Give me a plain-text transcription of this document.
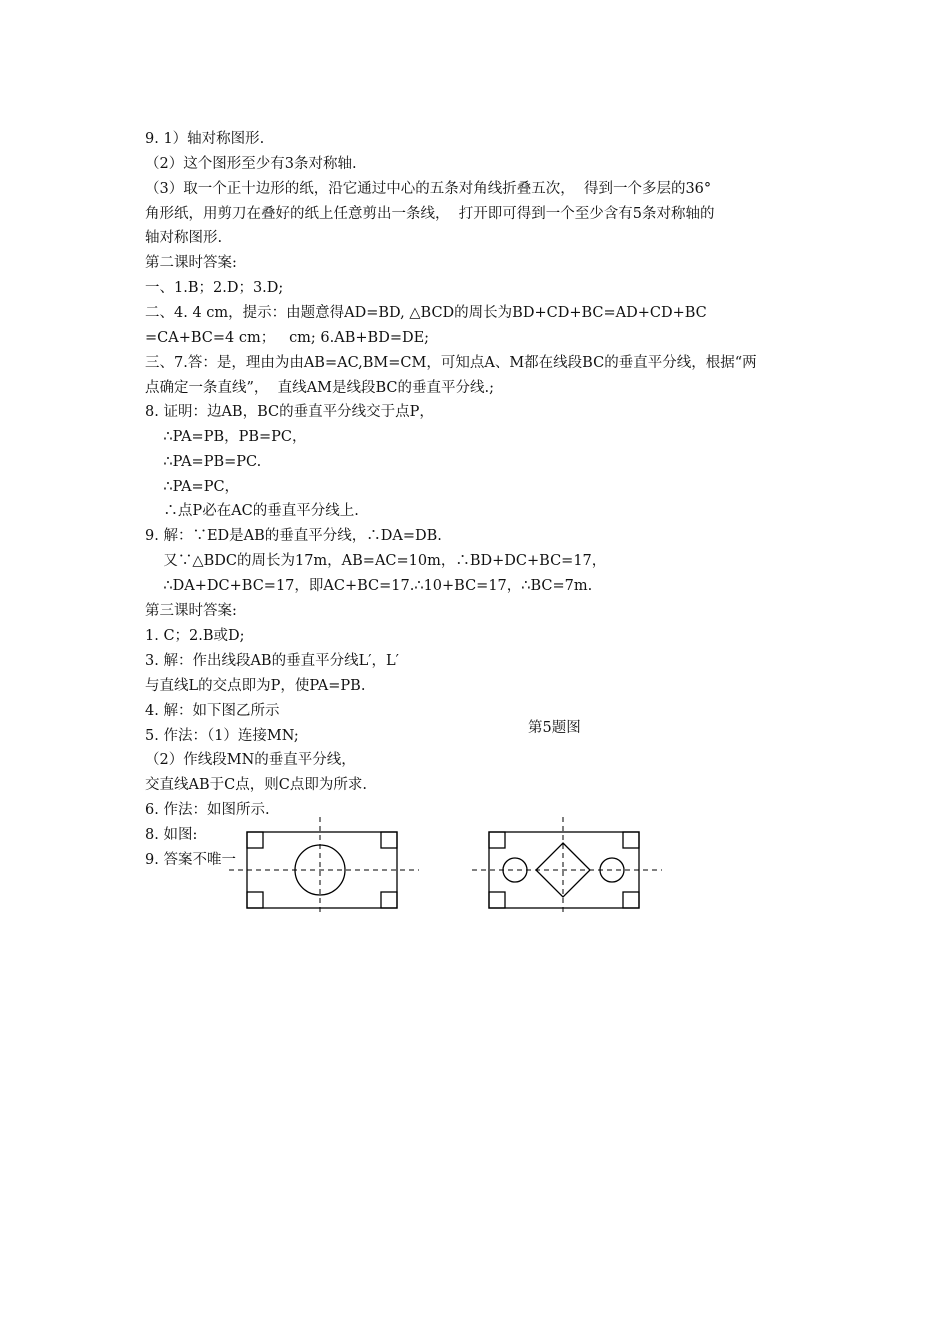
9. 1）轴对称图形.
（2）这个图形至少有3条对称轴.
（3）取一个正十边形的纸，沿它通过中心的五条对角线折叠五次，  得到一个多层的36°
角形纸，用剪刀在叠好的纸上任意剪出一条线，  打开即可得到一个至少含有5条对称轴的
轴对称图形.
第二课时答案:
一、1.B；2.D；3.D;
二、4. 4 cm，提示：由题意得AD=BD, △BCD的周长为BD+CD+BC=AD+CD+BC
=CA+BC=4 cm；   cm; 6.AB+BD=DE;
三、7.答：是，理由为由AB=AC,BM=CM，可知点A、M都在线段BC的垂直平分线，根据“两
点确定一条直线”，  直线AM是线段BC的垂直平分线.;
8. 证明：边AB，BC的垂直平分线交于点P，
∴PA=PB，PB=PC，
∴PA=PB=PC.
∴PA=PC，
∴点P必在AC的垂直平分线上.
9. 解：∵ED是AB的垂直平分线，∴DA=DB.
又∵△BDC的周长为17m，AB=AC=10m，∴BD+DC+BC=17，
∴DA+DC+BC=17，即AC+BC=17.∴10+BC=17，∴BC=7m.
第三课时答案:
1. C；2.B或D;
3. 解：作出线段AB的垂直平分线L′，L′
与直线L的交点即为P，使PA=PB.
4. 解：如下图乙所示
5. 作法：（1）连接MN;
（2）作线段MN的垂直平分线，
交直线AB于C点，则C点即为所求.
6. 作法：如图所示.
8. 如图:
9. 答案不唯一
第5题图
